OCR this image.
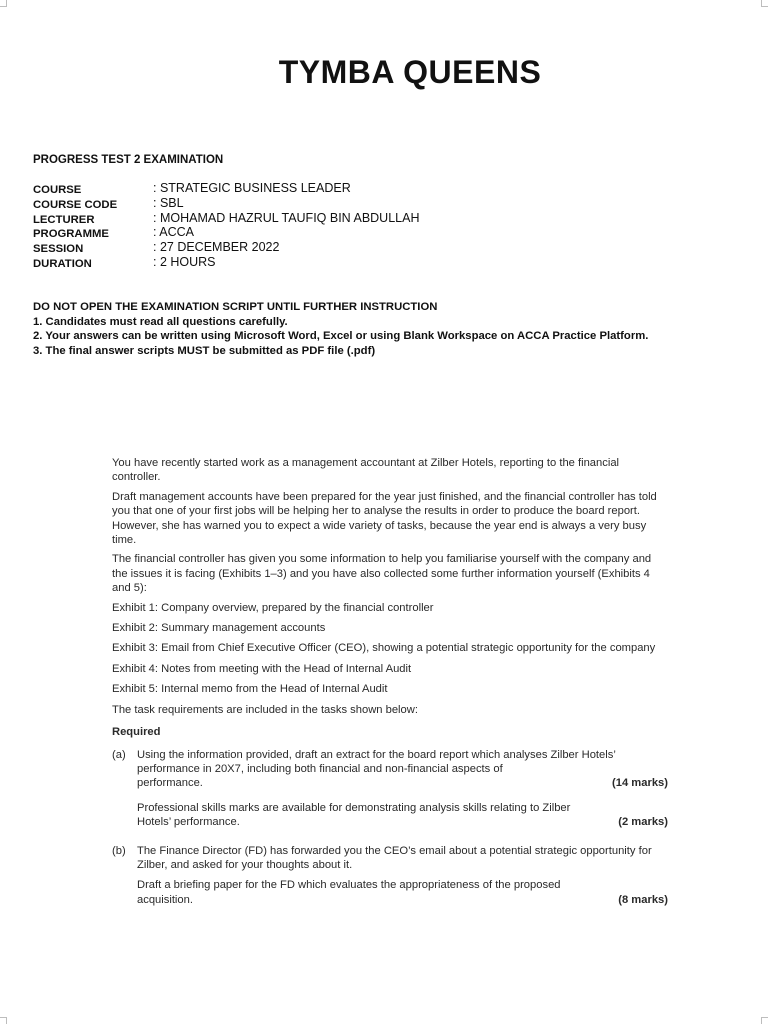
TYMBA QUEENS
PROGRESS TEST 2 EXAMINATION
COURSE	: STRATEGIC BUSINESS LEADER
COURSE CODE	: SBL
LECTURER	: MOHAMAD HAZRUL TAUFIQ BIN ABDULLAH
PROGRAMME	: ACCA
SESSION	: 27 DECEMBER 2022
DURATION	: 2 HOURS
DO NOT OPEN THE EXAMINATION SCRIPT UNTIL FURTHER INSTRUCTION
1. Candidates must read all questions carefully.
2. Your answers can be written using Microsoft Word, Excel or using Blank Workspace on ACCA Practice Platform.
3. The final answer scripts MUST be submitted as PDF file (.pdf)

You have recently started work as a management accountant at Zilber Hotels, reporting to the financial controller.

Draft management accounts have been prepared for the year just finished, and the financial controller has told you that one of your first jobs will be helping her to analyse the results in order to produce the board report. However, she has warned you to expect a wide variety of tasks, because the year end is always a very busy time.

The financial controller has given you some information to help you familiarise yourself with the company and the issues it is facing (Exhibits 1–3) and you have also collected some further information yourself (Exhibits 4 and 5):

Exhibit 1: Company overview, prepared by the financial controller

Exhibit 2: Summary management accounts

Exhibit 3: Email from Chief Executive Officer (CEO), showing a potential strategic opportunity for the company

Exhibit 4: Notes from meeting with the Head of Internal Audit

Exhibit 5: Internal memo from the Head of Internal Audit

The task requirements are included in the tasks shown below:

Required
(a)	Using the information provided, draft an extract for the board report which analyses Zilber Hotels’ performance in 20X7, including both financial and non-financial aspects of
performance.	(14 marks)
Professional skills marks are available for demonstrating analysis skills relating to Zilber
Hotels’ performance.	(2 marks)
(b)	The Finance Director (FD) has forwarded you the CEO’s email about a potential strategic opportunity for Zilber, and asked for your thoughts about it.
Draft a briefing paper for the FD which evaluates the appropriateness of the proposed
acquisition.	(8 marks)
